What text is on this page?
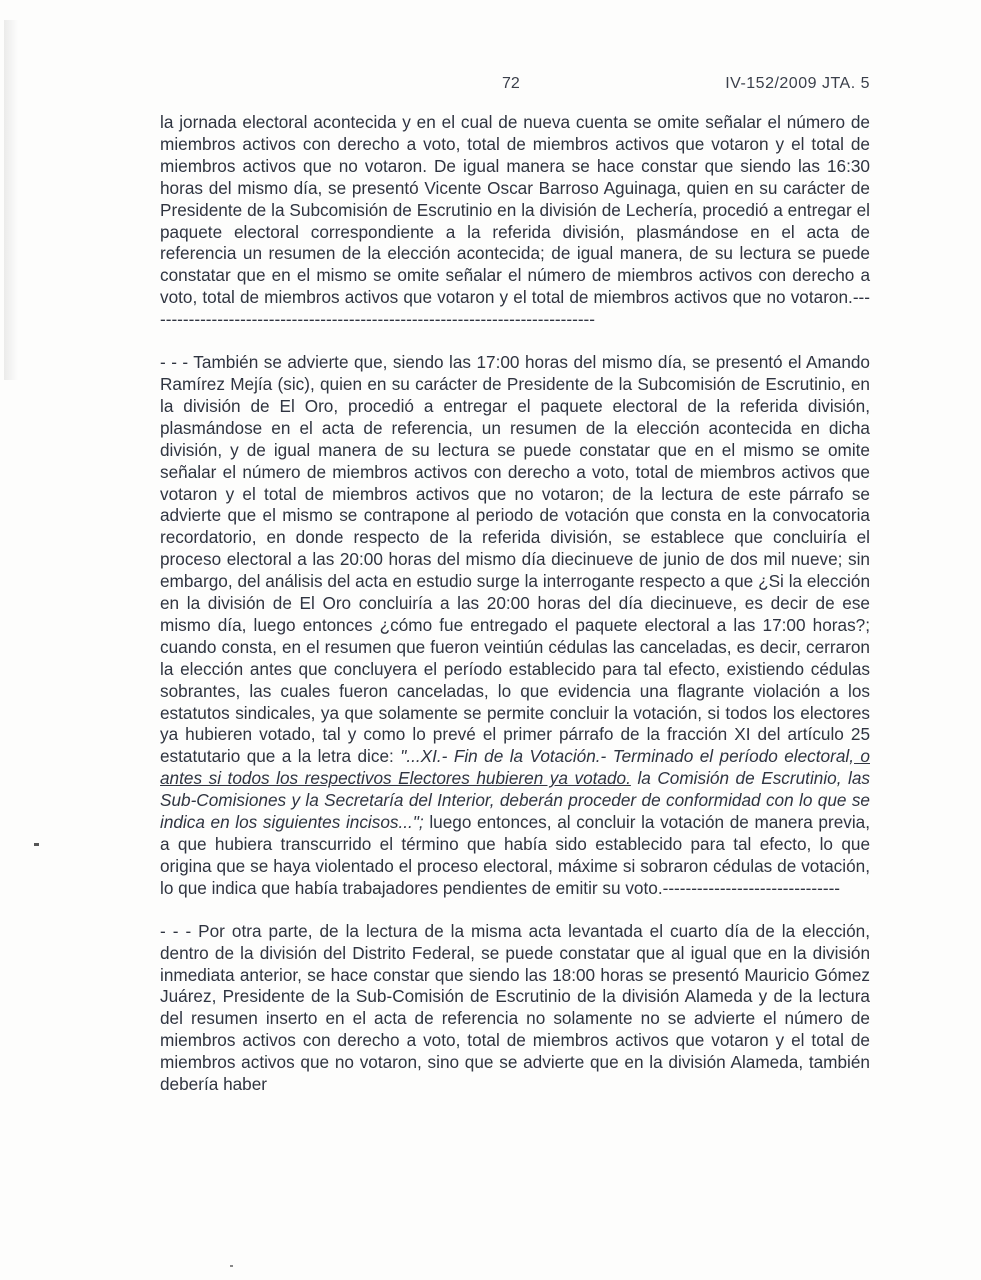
72	IV-152/2009 JTA. 5

la jornada electoral acontecida y en el cual de nueva cuenta se omite señalar el número de miembros activos con derecho a voto, total de miembros activos que votaron y el total de miembros activos que no votaron. De igual manera se hace constar que siendo las 16:30 horas del mismo día, se presentó Vicente Oscar Barroso Aguinaga, quien en su carácter de Presidente de la Subcomisión de Escrutinio en la división de Lechería, procedió a entregar el paquete electoral correspondiente a la referida división, plasmándose en el acta de referencia un resumen de la elección acontecida; de igual manera, de su lectura se puede constatar que en el mismo se omite señalar el número de miembros activos con derecho a voto, total de miembros activos que votaron y el total de miembros activos que no votaron.-------------------------------------------------------------------------------

- - - También se advierte que, siendo las 17:00 horas del mismo día, se presentó el Amando Ramírez Mejía (sic), quien en su carácter de Presidente de la Subcomisión de Escrutinio, en la división de El Oro, procedió a entregar el paquete electoral de la referida división, plasmándose en el acta de referencia, un resumen de la elección acontecida en dicha división, y de igual manera de su lectura se puede constatar que en el mismo se omite señalar el número de miembros activos con derecho a voto, total de miembros activos que votaron y el total de miembros activos que no votaron; de la lectura de este párrafo se advierte que el mismo se contrapone al periodo de votación que consta en la convocatoria recordatorio, en donde respecto de la referida división, se establece que concluiría el proceso electoral a las 20:00 horas del mismo día diecinueve de junio de dos mil nueve; sin embargo, del análisis del acta en estudio surge la interrogante respecto a que ¿Si la elección en la división de El Oro concluiría a las 20:00 horas del día diecinueve, es decir de ese mismo día, luego entonces ¿cómo fue entregado el paquete electoral a las 17:00 horas?; cuando consta, en el resumen que fueron veintiún cédulas las canceladas, es decir, cerraron la elección antes que concluyera el período establecido para tal efecto, existiendo cédulas sobrantes, las cuales fueron canceladas, lo que evidencia una flagrante violación a los estatutos sindicales, ya que solamente se permite concluir la votación, si todos los electores ya hubieren votado, tal y como lo prevé el primer párrafo de la fracción XI del artículo 25 estatutario que a la letra dice: "...XI.- Fin de la Votación.- Terminado el período electoral, o antes si todos los respectivos Electores hubieren ya votado. la Comisión de Escrutinio, las Sub-Comisiones y la Secretaría del Interior, deberán proceder de conformidad con lo que se indica en los siguientes incisos..."; luego entonces, al concluir la votación de manera previa, a que hubiera transcurrido el término que había sido establecido para tal efecto, lo que origina que se haya violentado el proceso electoral, máxime si sobraron cédulas de votación, lo que indica que había trabajadores pendientes de emitir su voto.-------------------------------

- - - Por otra parte, de la lectura de la misma acta levantada el cuarto día de la elección, dentro de la división del Distrito Federal, se puede constatar que al igual que en la división inmediata anterior, se hace constar que siendo las 18:00 horas se presentó Mauricio Gómez Juárez, Presidente de la Sub-Comisión de Escrutinio de la división Alameda y de la lectura del resumen inserto en el acta de referencia no solamente no se advierte el número de miembros activos con derecho a voto, total de miembros activos que votaron y el total de miembros activos que no votaron, sino que se advierte que en la división Alameda, también debería haber
